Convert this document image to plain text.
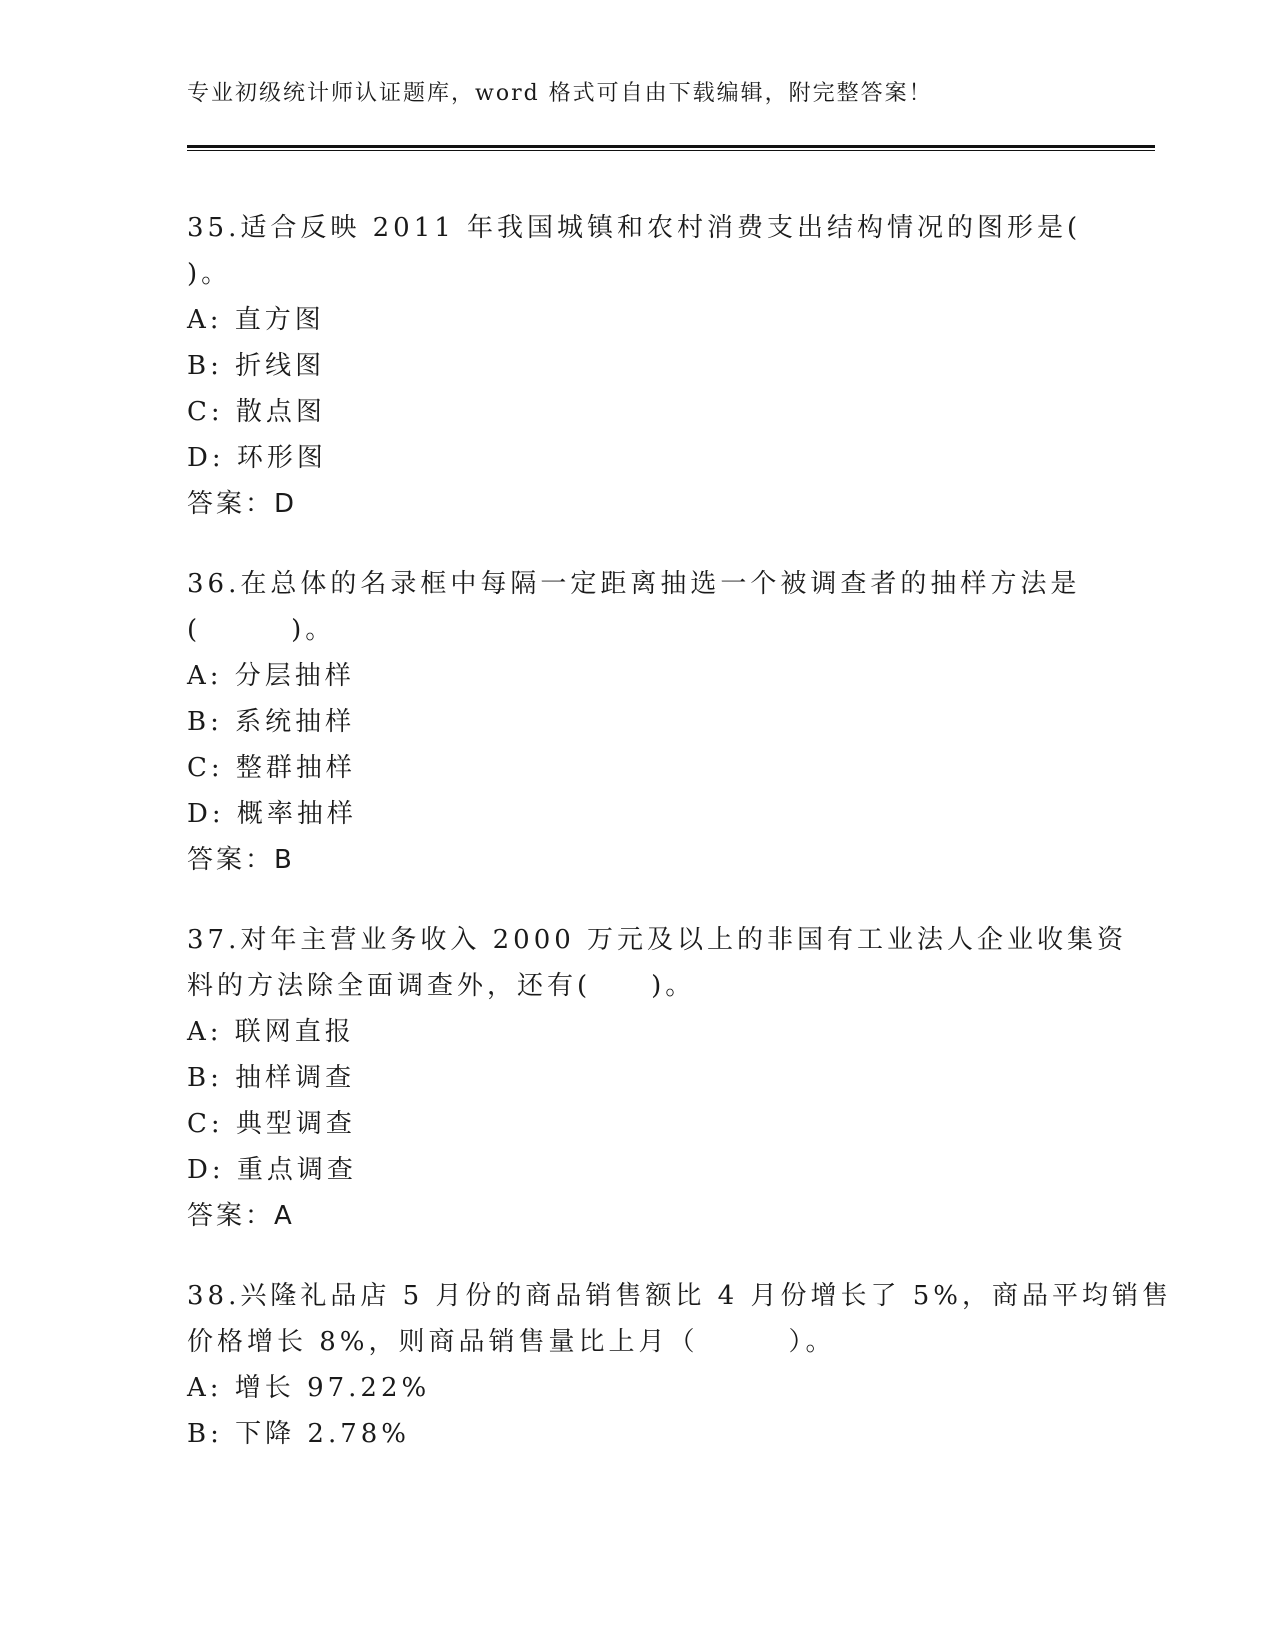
专业初级统计师认证题库，word 格式可自由下载编辑，附完整答案！
35.适合反映 2011 年我国城镇和农村消费支出结构情况的图形是(
)。
A: 直方图
B: 折线图
C: 散点图
D: 环形图
答案：D
36.在总体的名录框中每隔一定距离抽选一个被调查者的抽样方法是
(　　　)。
A: 分层抽样
B: 系统抽样
C: 整群抽样
D: 概率抽样
答案：B
37.对年主营业务收入 2000 万元及以上的非国有工业法人企业收集资
料的方法除全面调查外，还有(　　)。
A: 联网直报
B: 抽样调查
C: 典型调查
D: 重点调查
答案：A
38.兴隆礼品店 5 月份的商品销售额比 4 月份增长了 5%，商品平均销售
价格增长 8%，则商品销售量比上月（　　　）。
A: 增长 97.22%
B: 下降 2.78%
